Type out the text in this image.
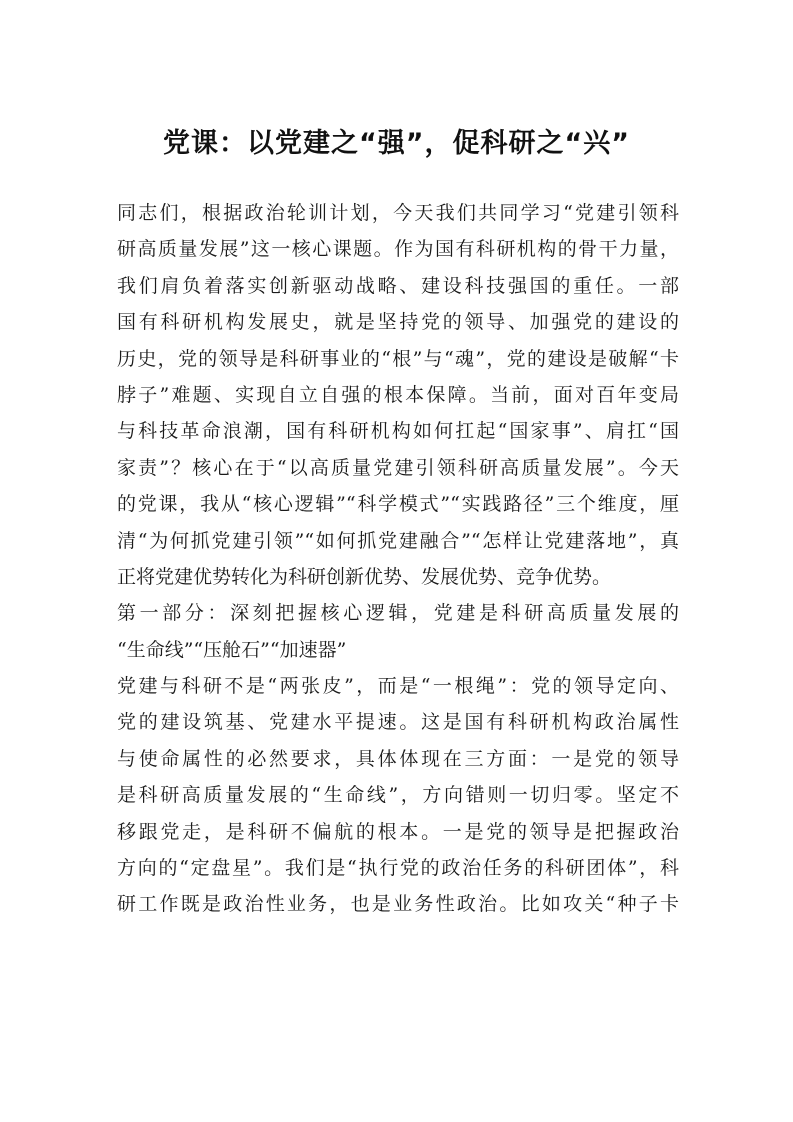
党课：以党建之“强”，促科研之“兴”
同志们，根据政治轮训计划，今天我们共同学习“党建引领科
研高质量发展”这一核心课题。作为国有科研机构的骨干力量，
我们肩负着落实创新驱动战略、建设科技强国的重任。一部
国有科研机构发展史，就是坚持党的领导、加强党的建设的
历史，党的领导是科研事业的“根”与“魂”，党的建设是破解“卡
脖子”难题、实现自立自强的根本保障。当前，面对百年变局
与科技革命浪潮，国有科研机构如何扛起“国家事”、肩扛“国
家责”？核心在于“以高质量党建引领科研高质量发展”。今天
的党课，我从“核心逻辑”“科学模式”“实践路径”三个维度，厘
清“为何抓党建引领”“如何抓党建融合”“怎样让党建落地”，真
正将党建优势转化为科研创新优势、发展优势、竞争优势。
第一部分：深刻把握核心逻辑，党建是科研高质量发展的
“生命线”“压舱石”“加速器”
党建与科研不是“两张皮”，而是“一根绳”：党的领导定向、
党的建设筑基、党建水平提速。这是国有科研机构政治属性
与使命属性的必然要求，具体体现在三方面：一是党的领导
是科研高质量发展的“生命线”，方向错则一切归零。坚定不
移跟党走，是科研不偏航的根本。一是党的领导是把握政治
方向的“定盘星”。我们是“执行党的政治任务的科研团体”，科
研工作既是政治性业务，也是业务性政治。比如攻关“种子卡
